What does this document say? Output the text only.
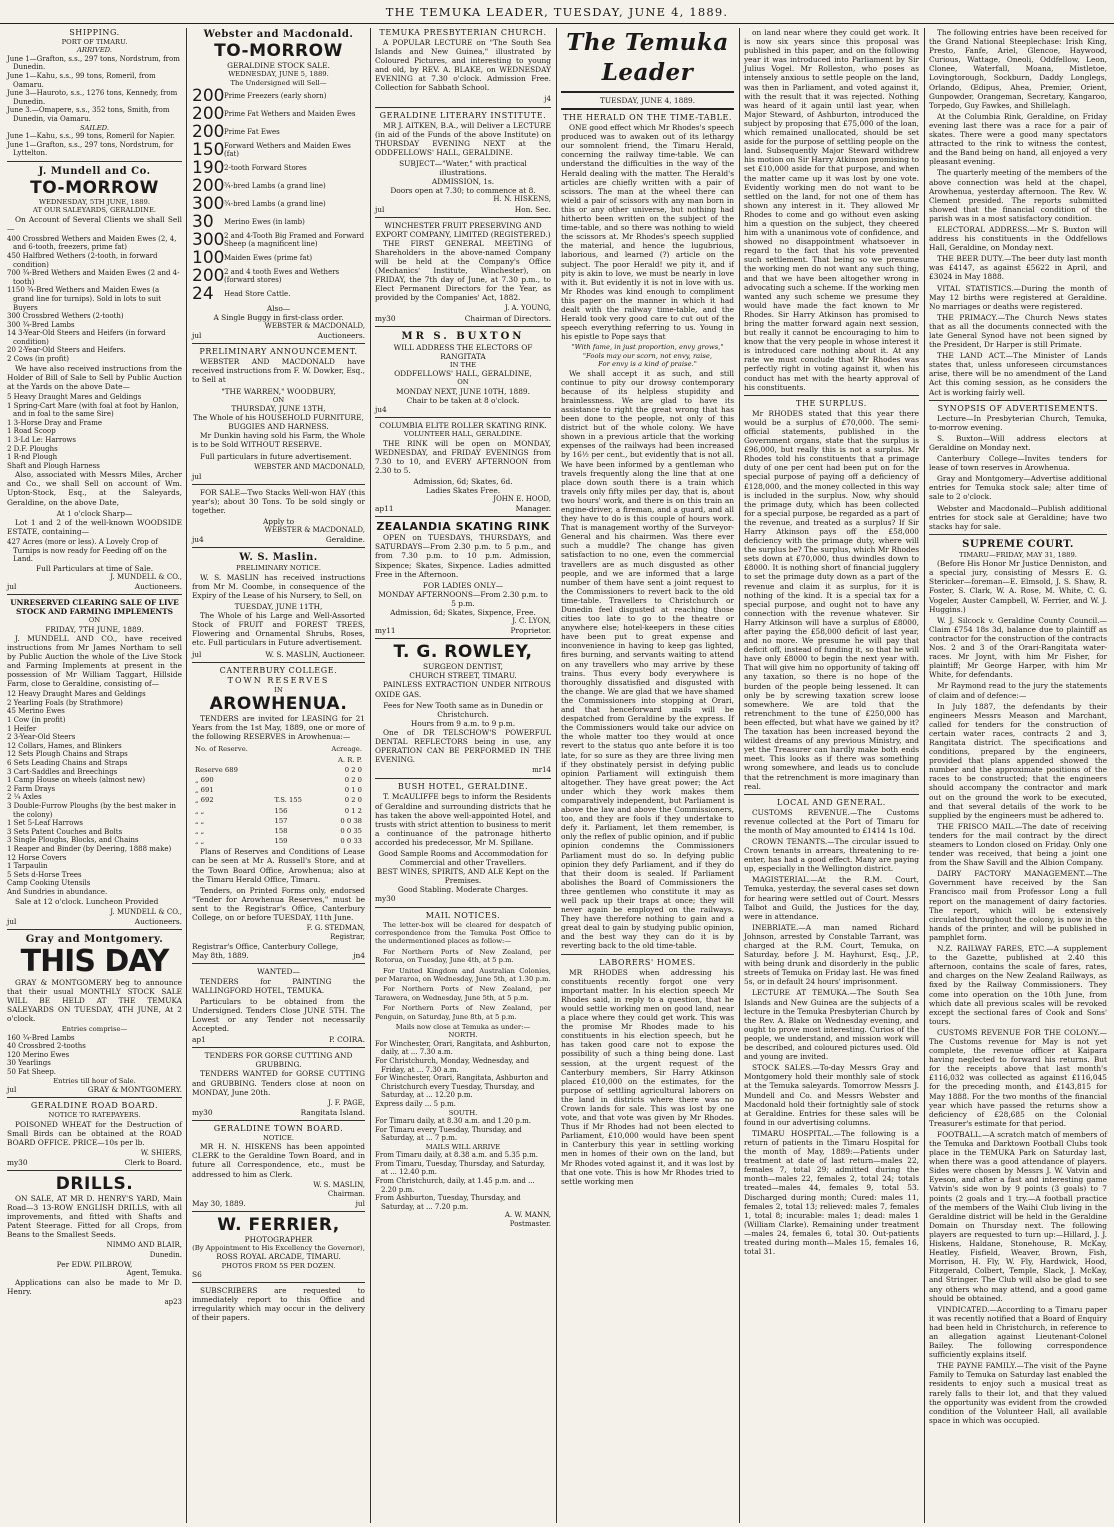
THE TEMUKA LEADER, TUESDAY, JUNE 4, 1889.
SHIPPING.
PORT OF TIMARU.
ARRIVED.
June 1—Grafton, s.s., 297 tons, Nordstrum, from Dunedin.
June 1—Kahu, s.s., 99 tons, Romeril, from Oamaru.
June 3—Hauroto, s.s., 1276 tons, Kennedy, from Dunedin.
June 3.—Omapere, s.s., 352 tons, Smith, from Dunedin, via Oamaru.
SAILED.
June 1—Kahu, s.s., 99 tons, Romeril for Napier.
June 1—Grafton, s.s., 297 tons, Nordstrum, for Lyttelton.
J. Mundell and Co.
TO-MORROW
WEDNESDAY, 5TH JUNE, 1889.
AT OUR SALEYARDS, GERALDINE.
On Account of Several Clients we shall Sell—
400 Crossbred Wethers and Maiden Ewes (2, 4, and 6-tooth, freezers, prime fat)
450 Halfbred Wethers (2-tooth, in forward condition)
700 ¾-Bred Wethers and Maiden Ewes (2 and 4-tooth)
1150 ¾-Bred Wethers and Maiden Ewes (a grand line for turnips). Sold in lots to suit Buyers
300 Crossbred Wethers (2-tooth)
300 ¾-Bred Lambs
14 3-Year-Old Steers and Heifers (in forward condition)
20 2-Year-Old Steers and Heifers.
2 Cows (in profit)
We have also received instructions from the Holder of Bill of Sale to Sell by Public Auction at the Yards on the above Date—
5 Heavy Draught Mares and Geldings
1 Spring-Cart Mare (with foal at foot by Hanlon, and in foal to the same Sire)
1 3-Horse Dray and Frame
1 Road Scoop
1 3-Ld Le: Harrows
2 D.F. Ploughs
1 R-nd Plough
Shaft and Plough Harness
Also, associated with Messrs Miles, Archer and Co., we shall Sell on account of Wm. Upton-Stock, Esq., at the Saleyards, Geraldine, on the above Date,
At 1 o'clock Sharp—
Lot 1 and 2 of the well-known WOODSIDE ESTATE, containing—
427 Acres (more or less). A Lovely Crop of Turnips is now ready for Feeding off on the Land.
Full Particulars at time of Sale.
J. MUNDELL & CO.,
jul	Auctioneers.
UNRESERVED CLEARING SALE OF LIVE STOCK AND FARMING IMPLEMENTS
ON
FRIDAY, 7TH JUNE, 1889.
J. MUNDELL AND CO., have received instructions from Mr James Northam to sell by Public Auction the whole of the Live Stock and Farming Implements at present in the possession of Mr William Taggart, Hillside Farm, close to Geraldine, consisting of—
12 Heavy Draught Mares and Geldings
2 Yearling Foals (by Strathmore)
45 Merino Ewes
1 Cow (in profit)
1 Heifer
2 3-Year-Old Steers
12 Collars, Hames, and Blinkers
12 Sets Plough Chains and Straps
6 Sets Leading Chains and Straps
3 Cart-Saddles and Breechings
1 Camp House on wheels (almost new)
2 Farm Drays
2 ¼ Axles
3 Double-Furrow Ploughs (by the best maker in the colony)
1 Set 5-Leaf Harrows
3 Sets Patent Couches and Bolts
3 Single Ploughs, Blocks, and Chains
1 Reaper and Binder (by Deering, 1888 make)
12 Horse Covers
1 Tarpaulin
5 Sets d-Horse Trees
Camp Cooking Utensils
And Sundries in abundance.
Sale at 12 o'clock. Luncheon Provided
J. MUNDELL & CO.,
jul	Auctioneers.
Gray and Montgomery.
THIS DAY
GRAY & MONTGOMERY beg to announce that their usual MONTHLY STOCK SALE WILL BE HELD AT THE TEMUKA SALEYARDS ON TUESDAY, 4TH JUNE, At 2 o'clock.
Entries comprise—
160 ¾-Bred Lambs
40 Crossbred 2-tooths
120 Merino Ewes
30 Yearlings
50 Fat Sheep.
Entries till hour of Sale.
jul	GRAY & MONTGOMERY.
GERALDINE ROAD BOARD.
NOTICE TO RATEPAYERS.
POISONED WHEAT for the Destruction of Small Birds can be obtained at the ROAD BOARD OFFICE. PRICE—10s per lb.
W. SHIERS,
my30	Clerk to Board.
DRILLS.
ON SALE, AT MR D. HENRY'S YARD, Main Road—3 13-ROW ENGLISH DRILLS, with all improvements, and fitted with Shafts and Patent Steerage. Fitted for all Crops, from Beans to the Smallest Seeds.
NIMMO AND BLAIR,
Dunedin.
Per EDW. PILBROW,
Agent, Temuka.
Applications can also be made to Mr D. Henry.
ap23
Webster and Macdonald.
TO-MORROW
GERALDINE STOCK SALE.
WEDNESDAY, JUNE 5, 1889.
The Undersigned will Sell—
200 Prime Freezers (early shorn)
200 Prime Fat Wethers and Maiden Ewes
200 Prime Fat Ewes
150 Forward Wethers and Maiden Ewes (fat)
190 2-tooth Forward Stores
200 ¾-bred Lambs (a grand line)
300 ¾-bred Lambs (a grand line)
30	Merino Ewes (in lamb)
300 2 and 4-Tooth Big Framed and Forward Sheep (a magnificent line)
100 Maiden Ewes (prime fat)
200 2 and 4 tooth Ewes and Wethers (forward stores)
24	Head Store Cattle.
Also—
A Single Buggy in first-class order.
WEBSTER & MACDONALD,
jul	Auctioneers.
PRELIMINARY ANNOUNCEMENT.
WEBSTER AND MACDONALD have received instructions from F. W. Dowker, Esq., to Sell at
"THE WARREN," WOODBURY,
ON
THURSDAY, JUNE 13TH,
The Whole of his HOUSEHOLD FURNITURE, BUGGIES AND HARNESS.
Mr Dunkin having sold his Farm, the Whole is to be Sold WITHOUT RESERVE.
Full particulars in future advertisement.
WEBSTER AND MACDONALD,
jul
FOR SALE—Two Stacks Well-won HAY (this year's); about 30 Tons. To be sold singly or together.
Apply to
WEBSTER & MACDONALD,
ju4	Geraldine.
W. S. Maslin.
PRELIMINARY NOTICE.
W. S. MASLIN has received instructions from Mr M. Coombe, in consequence of the Expiry of the Lease of his Nursery, to Sell, on
TUESDAY, JUNE 11TH,
The Whole of his Large and Well-Assorted Stock of FRUIT and FOREST TREES, Flowering and Ornamental Shrubs, Roses, etc. Full particulars in Future advertisement.
jul	W. S. MASLIN, Auctioneer.
CANTERBURY COLLEGE.
TOWN RESERVES
IN
AROWHENUA.
TENDERS are invited for LEASING for 21 Years from the 1st May, 1889, one or more of the following RESERVES in Arowhenua:—
No. of Reserve.		Acreage.
		A. R. P.
Reserve 689		0 2 0
„ 690		0 2 0
„ 691		0 1 0
„ 692	T.S. 155	0 2 0
„ „	156	0 1 2
„ „	157	0 0 38
„ „	158	0 0 35
„ „	159	0 0 33
Plans of Reserves and Conditions of Lease can be seen at Mr A. Russell's Store, and at the Town Board Office, Arowhenua; also at the Timaru Herald Office, Timaru.
Tenders, on Printed Forms only, endorsed "Tender for Arowhenua Reserves," must be sent to the Registrar's Office, Canterbury College, on or before TUESDAY, 11th June.
F. G. STEDMAN,
Registrar,
Registrar's Office, Canterbury College,
May 8th, 1889.	jn4
WANTED—
TENDERS for PAINTING the WALLINGFORD HOTEL, TEMUKA.
Particulars to be obtained from the Undersigned. Tenders Close JUNE 5TH. The Lowest or any Tender not necessarily Accepted.
ap1	P. COIRA.
TENDERS FOR GORSE CUTTING AND GRUBBING.
TENDERS WANTED for GORSE CUTTING and GRUBBING. Tenders close at noon on MONDAY, June 20th.
J. F. PAGE,
my30	Rangitata Island.
GERALDINE TOWN BOARD.
NOTICE.
MR H. N. HISKENS has been appointed CLERK to the Geraldine Town Board, and in future all Correspondence, etc., must be addressed to him as Clerk.
W. S. MASLIN,
Chairman.
May 30, 1889.	jul
W. FERRIER,
PHOTOGRAPHER
(By Appointment to His Excellency the Governor),
ROSS ROYAL ARCADE, TIMARU.
PHOTOS FROM 5S PER DOZEN.
S6
SUBSCRIBERS are requested to immediately report to this Office and irregularity which may occur in the delivery of their papers.
TEMUKA PRESBYTERIAN CHURCH.
A POPULAR LECTURE on "The South Sea Islands and New Guinea," illustrated by Coloured Pictures, and interesting to young and old, by REV. A. BLAKE, on WEDNESDAY EVENING at 7.30 o'clock. Admission Free. Collection for Sabbath School.
j4
GERALDINE LITERARY INSTITUTE.
MR J. AITKEN, B.A., will Deliver a LECTURE (in aid of the Funds of the above Institute) on THURSDAY EVENING NEXT at the ODDFELLOWS' HALL, GERALDINE.
SUBJECT—"Water," with practical illustrations.
ADMISSION, 1s.
Doors open at 7.30; to commence at 8.
H. N. HISKENS,
jul	Hon. Sec.
WINCHESTER FRUIT PRESERVING AND EXPORT COMPANY, LIMITED (REGISTERED.)
THE FIRST GENERAL MEETING of Shareholders in the above-named Company will be held at the Company's Office (Mechanics' Institute, Winchester), on FRIDAY, the 7th day of June, at 7.30 p.m., to Elect Permanent Directors for the Year, as provided by the Companies' Act, 1882.
J. A. YOUNG,
my30	Chairman of Directors.
MR S. BUXTON
WILL ADDRESS THE ELECTORS OF RANGITATA
IN THE
ODDFELLOWS' HALL, GERALDINE,
ON
MONDAY NEXT, JUNE 10TH, 1889.
Chair to be taken at 8 o'clock.
ju4
COLUMBIA ELITE ROLLER SKATING RINK.
VOLUNTEER HALL, GERALDINE.
THE RINK will be open on MONDAY, WEDNESDAY, and FRIDAY EVENINGS from 7.30 to 10, and EVERY AFTERNOON from 2.30 to 5.
Admission, 6d; Skates, 6d.
Ladies Skates Free.
JOHN E. HOOD,
ap11	Manager.
ZEALANDIA SKATING RINK
OPEN on TUESDAYS, THURSDAYS, and SATURDAYS—From 2.30 p.m. to 5 p.m., and from 7.30 p.m. to 10 p.m. Admission, Sixpence; Skates, Sixpence. Ladies admitted Free in the Afternoon.
FOR LADIES ONLY—
MONDAY AFTERNOONS—From 2.30 p.m. to 5 p.m.
Admission, 6d; Skates, Sixpence, Free.
J. C. LYON,
my11	Proprietor.
T. G. ROWLEY,
SURGEON DENTIST,
CHURCH STREET, TIMARU.
PAINLESS EXTRACTION UNDER NITROUS OXIDE GAS.
Fees for New Tooth same as in Dunedin or Christchurch.
Hours from 9 a.m. to 9 p.m.
One of DR TELSCHOW'S POWERFUL DENTAL REFLECTORS being in use, any OPERATION CAN BE PERFORMED IN THE EVENING.
mr14
BUSH HOTEL, GERALDINE.
T. McAULIFFE begs to inform the Residents of Geraldine and surrounding districts that he has taken the above well-appointed Hotel, and trusts with strict attention to business to merit a continuance of the patronage hitherto accorded his predecessor, Mr M. Spillane.
Good Sample Rooms and Accommodation for Commercial and other Travellers.
BEST WINES, SPIRITS, AND ALE Kept on the Premises.
Good Stabling. Moderate Charges.
my30
MAIL NOTICES.
The letter-box will be cleared for despatch of correspondence from the Temuka Post Office to the undermentioned places as follow:—
For Northern Ports of New Zealand, per Rotorua, on Tuesday, June 4th, at 5 p.m.
For United Kingdom and Australian Colonies, per Mararoa, on Wednesday, June 5th, at 1.30 p.m.
For Northern Ports of New Zealand, per Tarawera, on Wednesday, June 5th, at 5 p.m.
For Northern Ports of New Zealand, per Penguin, on Saturday, June 8th, at 5 p.m.
Mails now close at Temuka as under:—
NORTH.
For Winchester, Orari, Rangitata, and Ashburton, daily, at ... 7.30 a.m.
For Christchurch, Monday, Wednesday, and Friday, at ... 7.30 a.m.
For Winchester, Orari, Rangitata, Ashburton and Christchurch every Tuesday, Thursday, and Saturday, at ... 12.20 p.m.
Express daily ... 5 p.m.
SOUTH.
For Timaru daily, at 8.30 a.m. and 1.20 p.m.
For Timaru every Tuesday, Thursday, and Saturday, at ... 7 p.m.
MAILS WILL ARRIVE
From Timaru daily, at 8.38 a.m. and 5.35 p.m.
From Timaru, Tuesday, Thursday, and Saturday, at ... 12.40 p.m.
From Christchurch, daily, at 1.45 p.m. and ... 2.20 p.m.
From Ashburton, Tuesday, Thursday, and Saturday, at ... 7.20 p.m.
A. W. MANN,
Postmaster.
The Temuka Leader
TUESDAY, JUNE 4, 1889.
THE HERALD ON THE TIME-TABLE.
ONE good effect which Mr Rhodes's speech produced was to awaken out of its lethargy our somnolent friend, the Timaru Herald, concerning the railway time-table. We can understand the difficulties in the way of the Herald dealing with the matter. The Herald's articles are chiefly written with a pair of scissors. The man at the wheel there can wield a pair of scissors with any man born in this or any other universe, but nothing had hitherto been written on the subject of the time-table, and so there was nothing to wield the scissors at. Mr Rhodes's speech supplied the material, and hence the lugubrious, laborious, and learned (?) article on the subject. The poor Herald! we pity it, and if pity is akin to love, we must be nearly in love with it. But evidently it is not in love with us. Mr Rhodes was kind enough to compliment this paper on the manner in which it had dealt with the railway time-table, and the Herald took very good care to cut out of the speech everything referring to us. Young in his epistle to Pope says that
"With fame, in just proportion, envy grows,"
"Fools may our scorn, not envy, raise,
For envy is a kind of praise."
We shall accept it as such, and still continue to pity our drowsy contemporary because of its helpless stupidity and brainlessness. We are glad to have its assistance to right the great wrong that has been done to the people, not only of this district but of the whole colony. We have shown in a previous article that the working expenses of the railways had been increased by 16½ per cent., but evidently that is not all. We have been informed by a gentleman who travels frequently along the line that at one place down south there is a train which travels only fifty miles per day, that is, about two hours' work, and there is on this train an engine-driver, a fireman, and a guard, and all they have to do is this couple of hours work. That is management worthy of the Surveyor-General and his chairmen. Was there ever such a muddle? The change has given satisfaction to no one, even the commercial travellers are as much disgusted as other people, and we are informed that a large number of them have sent a joint request to the Commissioners to revert back to the old time-table. Travellers to Christchurch or Dunedin feel disgusted at reaching those cities too late to go to the theatre or anywhere else; hotel-keepers in these cities have been put to great expense and inconvenience in having to keep gas lighted, fires burning, and servants waiting to attend on any travellers who may arrive by these trains. Thus every body everywhere is thoroughly dissatisfied and disgusted with the change. We are glad that we have shamed the Commissioners into stopping at Orari, and that henceforward mails will be despatched from Geraldine by the express. If the Commissioners would take our advice on the whole matter too they would at once revert to the status quo ante before it is too late, for so sure as they are three living men if they obstinately persist in defying public opinion Parliament will extinguish them altogether. They have great power; the Act under which they work makes them comparatively independent, but Parliament is above the law and above the Commissioners, too, and they are fools if they undertake to defy it. Parliament, let them remember, is only the reflex of public opinion, and if public opinion condemns the Commissioners Parliament must do so. In defying public opinion they defy Parliament, and if they do that their doom is sealed. If Parliament abolishes the Board of Commissioners the three gentlemen who constitute it may as well pack up their traps at once; they will never again be employed on the railways. They have therefore nothing to gain and a great deal to gain by studying public opinion, and the best way they can do it is by reverting back to the old time-table.
LABORERS' HOMES.
MR RHODES when addressing his constituents recently forgot one very important matter. In his election speech Mr Rhodes said, in reply to a question, that he would settle working men on good land, near a place where they could get work. This was the promise Mr Rhodes made to his constituents in his election speech, but he has taken good care not to expose the possibility of such a thing being done. Last session, at the urgent request of the Canterbury members, Sir Harry Atkinson placed £10,000 on the estimates, for the purpose of settling agricultural laborers on the land in districts where there was no Crown lands for sale. This was lost by one vote, and that vote was given by Mr Rhodes. Thus if Mr Rhodes had not been elected to Parliament, £10,000 would have been spent in Canterbury this year in settling working men in homes of their own on the land, but Mr Rhodes voted against it, and it was lost by that one vote. This is how Mr Rhodes tried to settle working men
on land near where they could get work. It is now six years since this proposal was published in this paper, and on the following year it was introduced into Parliament by Sir Julius Vogel. Mr Rolleston, who poses as intensely anxious to settle people on the land, was then in Parliament, and voted against it, with the result that it was rejected. Nothing was heard of it again until last year, when Major Steward, of Ashburton, introduced the subject by proposing that £75,000 of the loan, which remained unallocated, should be set aside for the purpose of settling people on the land. Subsequently Major Steward withdrew his motion on Sir Harry Atkinson promising to set £10,000 aside for that purpose, and when the matter came up it was lost by one vote. Evidently working men do not want to be settled on the land, for not one of them has shown any interest in it. They allowed Mr Rhodes to come and go without even asking him a question on the subject, they cheered him with a unanimous vote of confidence, and showed no disappointment whatsoever in regard to the fact that his vote prevented such settlement. That being so we presume the working men do not want any such thing, and that we have been altogether wrong in advocating such a scheme. If the working men wanted any such scheme we presume they would have made the fact known to Mr Rhodes. Sir Harry Atkinson has promised to bring the matter forward again next session, but really it cannot be encouraging to him to know that the very people in whose interest it is introduced care nothing about it. At any rate we must conclude that Mr Rhodes was perfectly right in voting against it, when his conduct has met with the hearty approval of his constituents.
THE SURPLUS.
Mr RHODES stated that this year there would be a surplus of £70,000. The semi-official statements, published in the Government organs, state that the surplus is £96,000, but really this is not a surplus. Mr Rhodes told his constituents that a primage duty of one per cent had been put on for the special purpose of paying off a deficiency of £128,000, and the money collected in this way is included in the surplus. Now, why should the primage duty, which has been collected for a special purpose, be regarded as a part of the revenue, and treated as a surplus? If Sir Harry Atkinson pays off the £58,000 deficiency with the primage duty, where will the surplus be? The surplus, which Mr Rhodes sets down at £70,000, thus dwindles down to £8000. It is nothing short of financial jugglery to set the primage duty down as a part of the revenue and claim it as surplus, for it is nothing of the kind. It is a special tax for a special purpose, and ought not to have any connection with the revenue whatever. Sir Harry Atkinson will have a surplus of £8000, after paying the £58,000 deficit of last year, and no more. We presume he will pay that deficit off, instead of funding it, so that he will have only £8000 to begin the next year with. That will give him no opportunity of taking off any taxation, so there is no hope of the burden of the people being lessened. It can only be by screwing taxation screw loose somewhere. We are told that the retrenchment to the tune of £250,000 has been effected, but what have we gained by it? The taxation has been increased beyond the wildest dreams of any previous Ministry, and yet the Treasurer can hardly make both ends meet. This looks as if there was something wrong somewhere, and leads us to conclude that the retrenchment is more imaginary than real.
LOCAL AND GENERAL.
CUSTOMS REVENUE.—The Customs revenue collected at the Port of Timaru for the month of May amounted to £1414 1s 10d.
CROWN TENANTS.—The circular issued to Crown tenants in arrears, threatening to re-enter, has had a good effect. Many are paying up, especially in the Wellington district.
MAGISTERIAL.—At the R.M. Court, Temuka, yesterday, the several cases set down for hearing were settled out of Court. Messrs Talbot and Guild, the Justices for the day, were in attendance.
INEBRIATE.—A man named Richard Johnson, arrested by Constable Tarrant, was charged at the R.M. Court, Temuka, on Saturday, before J. M. Hayhurst, Esq., J.P., with being drunk and disorderly in the public streets of Temuka on Friday last. He was fined 5s, or in default 24 hours' imprisonment.
LECTURE AT TEMUKA.—The South Sea Islands and New Guinea are the subjects of a lecture in the Temuka Presbyterian Church by the Rev. A. Blake on Wednesday evening, and ought to prove most interesting. Curios of the people, we understand, and mission work will be described, and coloured pictures used. Old and young are invited.
STOCK SALES.—To-day Messrs Gray and Montgomery hold their monthly sale of stock at the Temuka saleyards. Tomorrow Messrs J. Mundell and Co. and Messrs Webster and Macdonald hold their fortnightly sale of stock at Geraldine. Entries for these sales will be found in our advertising columns.
TIMARU HOSPITAL.—The following is a return of patients in the Timaru Hospital for the month of May, 1889:—Patients under treatment at date of last return—males 22, females 7, total 29; admitted during the month—males 22, females 2, total 24; totals treated—males 44, females 9, total 53. Discharged during month; Cured: males 11, females 2, total 13; relieved: males 7, females 1, total 8; incurable: males 1; dead: males 1 (William Clarke). Remaining under treatment—males 24, females 6, total 30. Out-patients treated during month—Males 15, females 16, total 31.
The following entries have been received for the Grand National Steeplechase: Irish King, Presto, Fanfe, Ariel, Glencoe, Haywood, Curious, Wattage, Oneoli, Oddfellow, Leon, Clonee, Waterfall, Moana, Mistletoe, Lovingtorough, Sockburn, Daddy Longlegs, Orlando, Œdipus, Ahea, Premier, Orient, Gunpowder, Orangeman, Secretary, Kangaroo, Torpedo, Guy Fawkes, and Shillelagh.
At the Columbia Rink, Geraldine, on Friday evening last there was a race for a pair of skates. There were a good many spectators attracted to the rink to witness the contest, and the Band being on hand, all enjoyed a very pleasant evening.
The quarterly meeting of the members of the above connection was held at the chapel, Arowhenua, yesterday afternoon. The Rev. W. Clement presided. The reports submitted showed that the financial condition of the parish was in a most satisfactory condition.
ELECTORAL ADDRESS.—Mr S. Buxton will address his constituents in the Oddfellows Hall, Geraldine, on Monday next.
THE BEER DUTY.—The beer duty last month was £4147, as against £5622 in April, and £3024 in May 1888.
VITAL STATISTICS.—During the month of May 12 births were registered at Geraldine. No marriages or deaths were registered.
THE PRIMACY.—The Church News states that as all the documents connected with the late General Synod have not been signed by the President, Dr Harper is still Primate.
THE LAND ACT.—The Minister of Lands states that, unless unforeseen circumstances arise, there will be no amendment of the Land Act this coming session, as he considers the Act is working fairly well.
SYNOPSIS OF ADVERTISEMENTS.
Lecture—In Presbyterian Church, Temuka, to-morrow evening.
S. Buxton—Will address electors at Geraldine on Monday next.
Canterbury College—Invites tenders for lease of town reserves in Arowhenua.
Gray and Montgomery—Advertise additional entries for Temuka stock sale; alter time of sale to 2 o'clock.
Webster and Macdonald—Publish additional entries for stock sale at Geraldine; have two stacks hay for sale.
SUPREME COURT.
TIMARU—FRIDAY, MAY 31, 1889.
(Before His Honor Mr Justice Denniston, and a special jury, consisting of Messrs E. G. Stericker—foreman—E. Elmsold, J. S. Shaw, R. Foster, S. Clark, W. A. Rose, M. White, C. G. Vogeler, Auster Campbell, W. Ferrier, and W. J. Huggins.)
W. J. Silcock v. Geraldine County Council.—Claim £754 18s 3d, balance due to plaintiff as contractor for the construction of the contracts Nos. 2 and 3 of the Orari-Rangitata water-races. Mr Joynt, with him Mr Fisher, for plaintiff; Mr George Harper, with him Mr White, for defendants.
Mr Raymond read to the jury the statements of claim and of defence:—
In July 1887, the defendants by their engineers Messrs Meason and Marchant, called for tenders for the construction of certain water races, contracts 2 and 3, Rangitata district. The specifications and conditions, prepared by the engineers, provided that plans appended showed the number and the approximate positions of the races to be constructed; that the engineers should accompany the contractor and mark out on the ground the work to be executed, and that several details of the work to be supplied by the engineers must be adhered to.
THE FRISCO MAIL.—The date of receiving tenders for the mail contract by the direct steamers to London closed on Friday. Only one tender was received, that being a joint one from the Shaw Savill and the Albion Company.
DAIRY FACTORY MANAGEMENT.—The Government have received by the San Francisco mail from Professor Long a full report on the management of dairy factories. The report, which will be extensively circulated throughout the colony, is now in the hands of the printer, and will be published in pamphlet form.
N.Z. RAILWAY FARES, ETC.—A supplement to the Gazette, published at 2.40 this afternoon, contains the scale of fares, rates, and charges on the New Zealand Railways, as fixed by the Railway Commissioners. They come into operation on the 10th June, from which date all previous scales will be revoked except the sectional fares of Cook and Sons' tours.
CUSTOMS REVENUE FOR THE COLONY.—The Customs revenue for May is not yet complete, the revenue officer at Kaipara having neglected to forward his returns. But for the receipts above that last month's £116,032 was collected as against £116,045 for the preceding month, and £143,815 for May 1888. For the two months of the financial year which have passed the returns show a deficiency of £28,685 on the Colonial Treasurer's estimate for that period.
FOOTBALL.—A scratch match of members of the Temuka and Darktown Football Clubs took place in the TEMUKA Park on Saturday last, when there was a good attendance of players. Sides were chosen by Messrs J. W. Vatvin and Eyeson, and after a fast and interesting game Vatvin's side won by 9 points (3 goals) to 7 points (2 goals and 1 try.—A football practice of the members of the Waihi Club living in the Geraldine district will be held in the Geraldine Domain on Thursday next. The following players are requested to turn up:—Hillard, J. J. Hiskens, Haldane, Stonehouse, R. McKay, Heatley, Fisfield, Weaver, Brown, Fish, Morrison, H. Fly, W. Fly, Hardwick, Hood, Fitzgerald, Colbert, Temple, Slack, J. McKay, and Stringer. The Club will also be glad to see any others who may attend, and a good game should be obtained.
VINDICATED.—According to a Timaru paper it was recently notified that a Board of Enquiry had been held in Christchurch, in reference to an allegation against Lieutenant-Colonel Bailey. The following correspondence sufficiently explains itself.
THE PAYNE FAMILY.—The visit of the Payne Family to Temuka on Saturday last enabled the residents to enjoy such a musical treat as rarely falls to their lot, and that they valued the opportunity was evident from the crowded condition of the Volunteer Hall, all available space in which was occupied.
